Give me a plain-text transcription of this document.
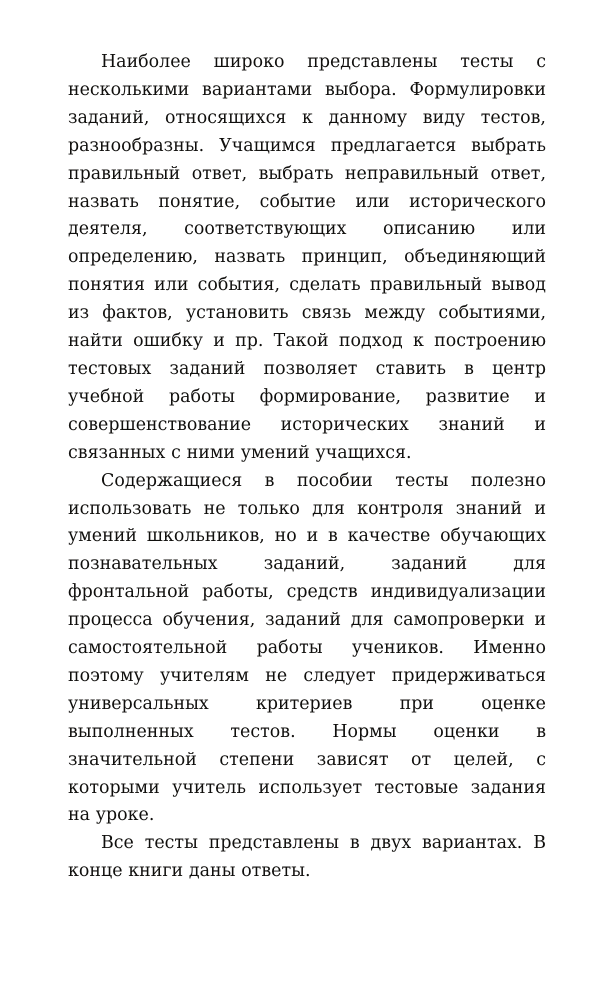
Наиболее широко представлены тесты с несколькими вариантами выбора. Формулировки заданий, относящихся к данному виду тестов, разнообразны. Учащимся предлагается выбрать правильный ответ, выбрать неправильный ответ, назвать понятие, событие или исторического деятеля, соответствующих описанию или определению, назвать принцип, объединяющий понятия или события, сделать правильный вывод из фактов, установить связь между событиями, найти ошибку и пр. Такой подход к построению тестовых заданий позволяет ставить в центр учебной работы формирование, развитие и совершенствование исторических знаний и связанных с ними умений учащихся.

Содержащиеся в пособии тесты полезно использовать не только для контроля знаний и умений школьников, но и в качестве обучающих познавательных заданий, заданий для фронтальной работы, средств индивидуализации процесса обучения, заданий для самопроверки и самостоятельной работы учеников. Именно поэтому учителям не следует придерживаться универсальных критериев при оценке выполненных тестов. Нормы оценки в значительной степени зависят от целей, с которыми учитель использует тестовые задания на уроке.

Все тесты представлены в двух вариантах. В конце книги даны ответы.
